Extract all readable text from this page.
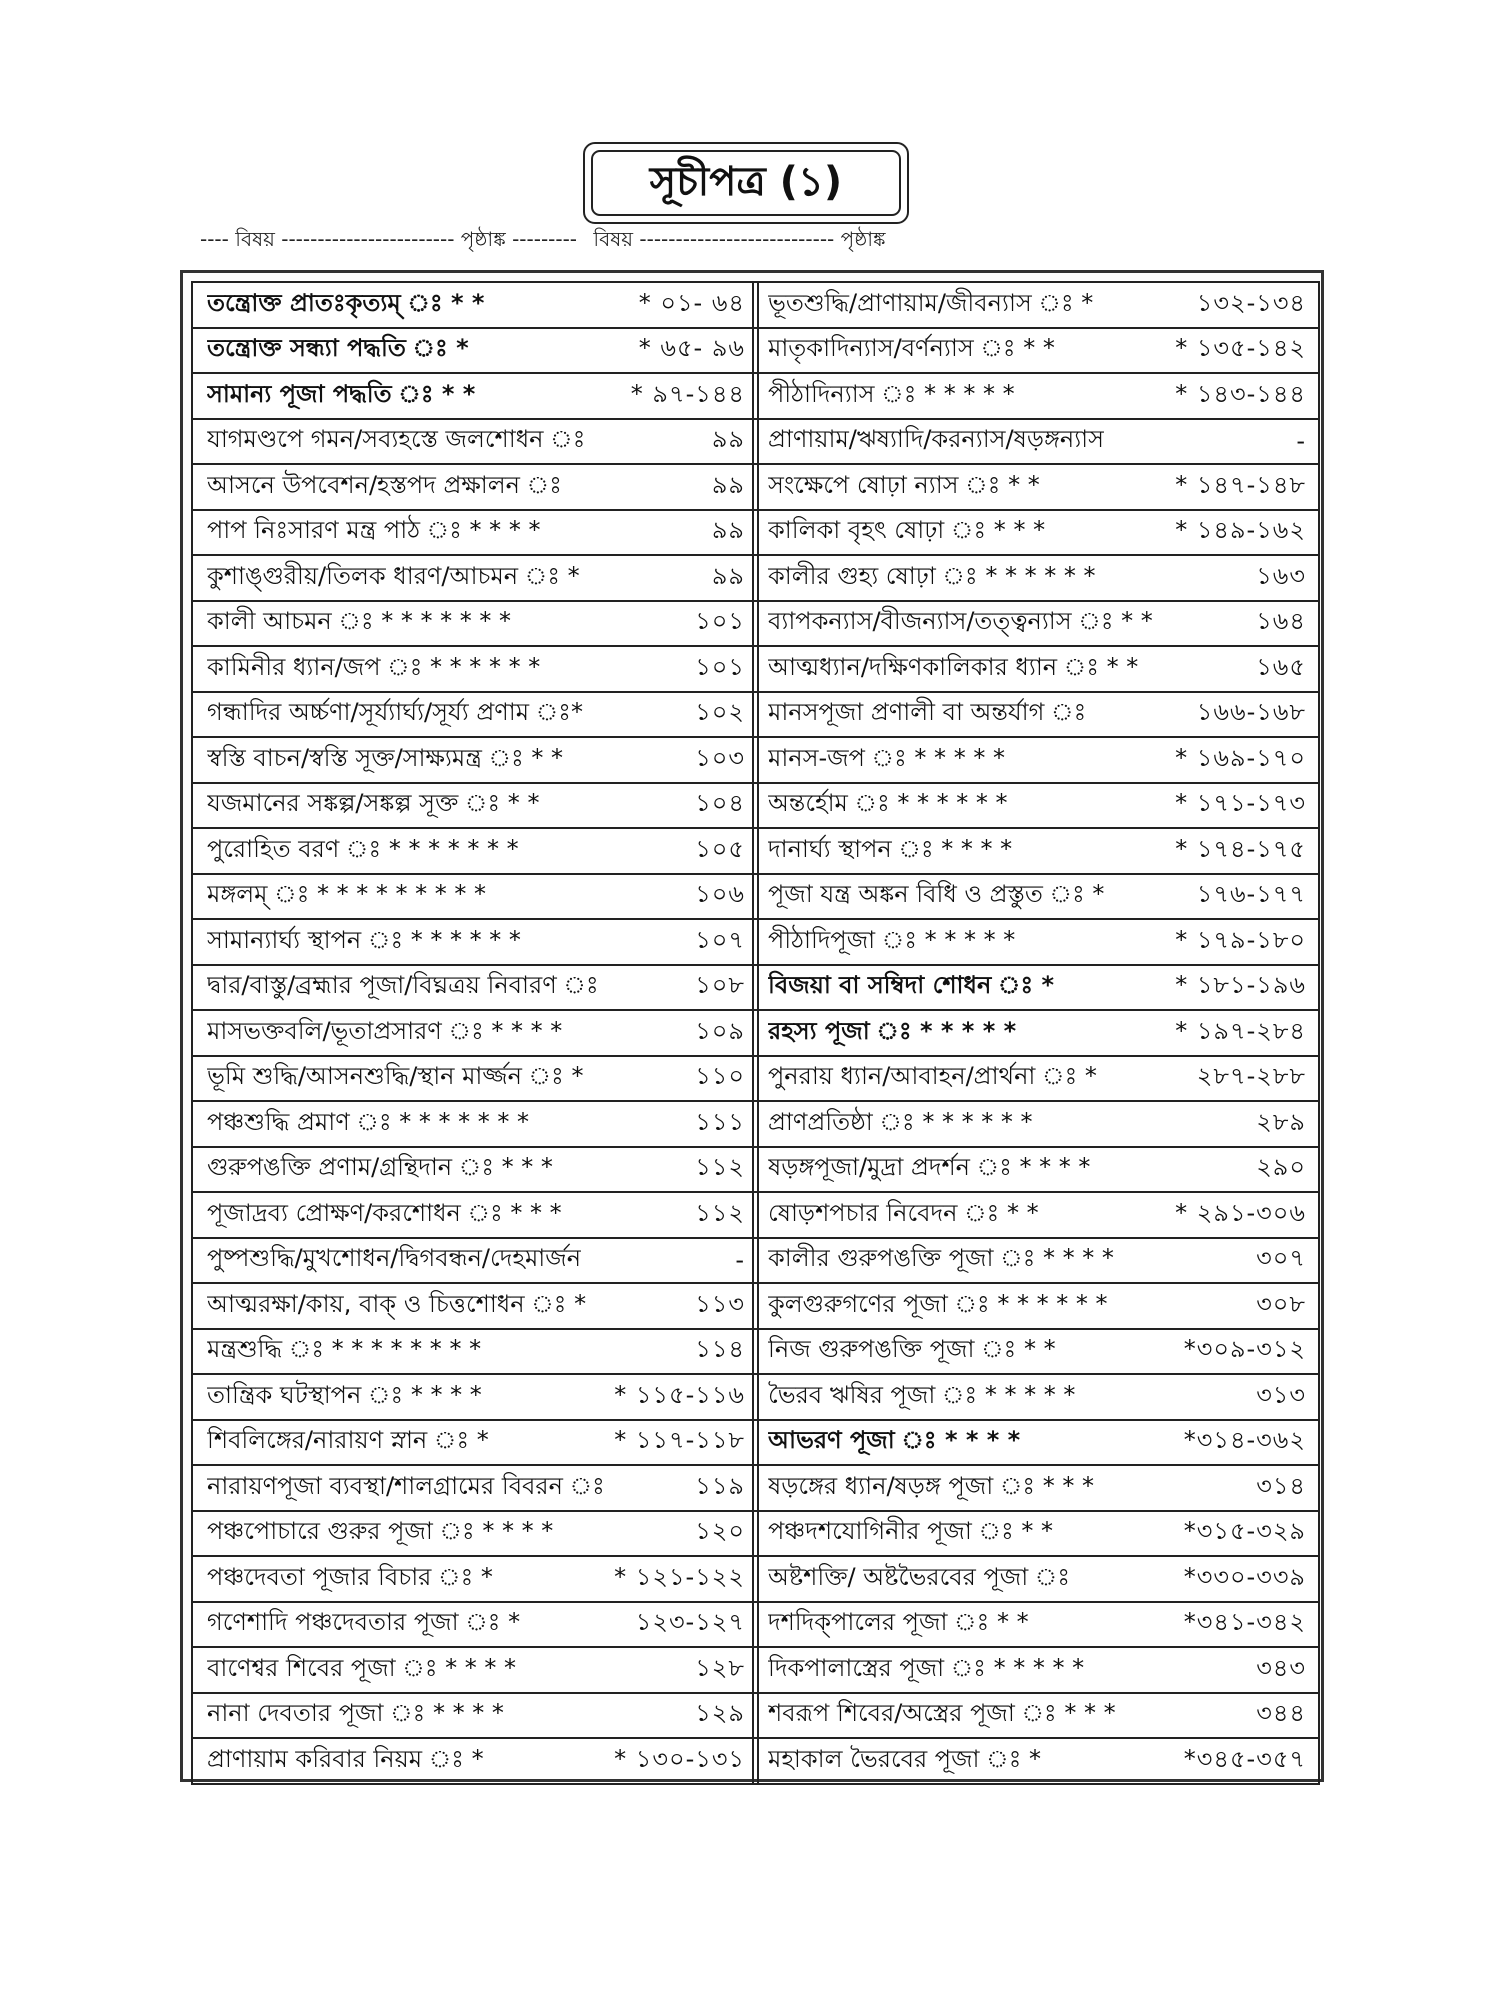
সূচীপত্র (১)
---- বিষয় ------------------------ পৃষ্ঠাঙ্ক --------- বিষয় --------------------------- পৃষ্ঠাঙ্ক
তন্ত্রোক্ত প্রাতঃকৃত্যম্ ঃ * *	* ০১- ৬৪
তন্ত্রোক্ত সন্ধ্যা পদ্ধতি ঃ *	* ৬৫- ৯৬
সামান্য পূজা পদ্ধতি ঃ * *	* ৯৭-১৪৪
যাগমণ্ডপে গমন/সব্যহস্তে জলশোধন ঃ	৯৯
আসনে উপবেশন/হস্তপদ প্রক্ষালন ঃ	৯৯
পাপ নিঃসারণ মন্ত্র পাঠ ঃ * * * *	৯৯
কুশাঙ্গুরীয়/তিলক ধারণ/আচমন ঃ *	৯৯
কালী আচমন ঃ * * * * * * *	১০১
কামিনীর ধ্যান/জপ ঃ * * * * * *	১০১
গন্ধাদির অর্চ্চণা/সূর্য্যার্ঘ্য/সূর্য্য প্রণাম ঃ*	১০২
স্বস্তি বাচন/স্বস্তি সূক্ত/সাক্ষ্যমন্ত্র ঃ * *	১০৩
যজমানের সঙ্কল্প/সঙ্কল্প সূক্ত ঃ * *	১০৪
পুরোহিত বরণ ঃ * * * * * * *	১০৫
মঙ্গলম্ ঃ * * * * * * * * *	১০৬
সামান্যার্ঘ্য স্থাপন ঃ * * * * * *	১০৭
দ্বার/বাস্তু/ব্রহ্মার পূজা/বিঘ্নত্রয় নিবারণ ঃ	১০৮
মাসভক্তবলি/ভূতাপ্রসারণ ঃ * * * *	১০৯
ভূমি শুদ্ধি/আসনশুদ্ধি/স্থান মার্জ্জন ঃ *	১১০
পঞ্চশুদ্ধি প্রমাণ ঃ * * * * * * *	১১১
গুরুপঙক্তি প্রণাম/গ্রন্থিদান ঃ * * *	১১২
পূজাদ্রব্য প্রোক্ষণ/করশোধন ঃ * * *	১১২
পুষ্পশুদ্ধি/মুখশোধন/দ্বিগবন্ধন/দেহমার্জন	-
আত্মরক্ষা/কায়, বাক্ ও চিত্তশোধন ঃ *	১১৩
মন্ত্রশুদ্ধি ঃ * * * * * * * *	১১৪
তান্ত্রিক ঘটস্থাপন ঃ * * * *	* ১১৫-১১৬
শিবলিঙ্গের/নারায়ণ স্নান ঃ *	* ১১৭-১১৮
নারায়ণপূজা ব্যবস্থা/শালগ্রামের বিবরন ঃ	১১৯
পঞ্চপোচারে গুরুর পূজা ঃ * * * *	১২০
পঞ্চদেবতা পূজার বিচার ঃ *	* ১২১-১২২
গণেশাদি পঞ্চদেবতার পূজা ঃ *	১২৩-১২৭
বাণেশ্বর শিবের পূজা ঃ * * * *	১২৮
নানা দেবতার পূজা ঃ * * * *	১২৯
প্রাণায়াম করিবার নিয়ম ঃ *	* ১৩০-১৩১
ভূতশুদ্ধি/প্রাণায়াম/জীবন্যাস ঃ *	১৩২-১৩৪
মাতৃকাদিন্যাস/বর্ণন্যাস ঃ * *	* ১৩৫-১৪২
পীঠাদিন্যাস ঃ * * * * *	* ১৪৩-১৪৪
প্রাণায়াম/ঋষ্যাদি/করন্যাস/ষড়ঙ্গন্যাস	-
সংক্ষেপে ষোঢ়া ন্যাস ঃ * *	* ১৪৭-১৪৮
কালিকা বৃহৎ ষোঢ়া ঃ * * *	* ১৪৯-১৬২
কালীর গুহ্য ষোঢ়া ঃ * * * * * *	১৬৩
ব্যাপকন্যাস/বীজন্যাস/তত্ত্বন্যাস ঃ * *	১৬৪
আত্মধ্যান/দক্ষিণকালিকার ধ্যান ঃ * *	১৬৫
মানসপূজা প্রণালী বা অন্তর্যাগ ঃ	১৬৬-১৬৮
মানস-জপ ঃ * * * * *	* ১৬৯-১৭০
অন্তর্হোম ঃ * * * * * *	* ১৭১-১৭৩
দানার্ঘ্য স্থাপন ঃ * * * *	* ১৭৪-১৭৫
পূজা যন্ত্র অঙ্কন বিধি ও প্রস্তুত ঃ *	১৭৬-১৭৭
পীঠাদিপূজা ঃ * * * * *	* ১৭৯-১৮০
বিজয়া বা সম্বিদা শোধন ঃ *	* ১৮১-১৯৬
রহস্য পূজা ঃ * * * * *	* ১৯৭-২৮৪
পুনরায় ধ্যান/আবাহন/প্রার্থনা ঃ *	২৮৭-২৮৮
প্রাণপ্রতিষ্ঠা ঃ * * * * * *	২৮৯
ষড়ঙ্গপূজা/মুদ্রা প্রদর্শন ঃ * * * *	২৯০
ষোড়শপচার নিবেদন ঃ * *	* ২৯১-৩০৬
কালীর গুরুপঙক্তি পূজা ঃ * * * *	৩০৭
কুলগুরুগণের পূজা ঃ * * * * * *	৩০৮
নিজ গুরুপঙক্তি পূজা ঃ * *	*৩০৯-৩১২
ভৈরব ঋষির পূজা ঃ * * * * *	৩১৩
আভরণ পূজা ঃ * * * *	*৩১৪-৩৬২
ষড়ঙ্গের ধ্যান/ষড়ঙ্গ পূজা ঃ * * *	৩১৪
পঞ্চদশযোগিনীর পূজা ঃ * *	*৩১৫-৩২৯
অষ্টশক্তি/ অষ্টভৈরবের পূজা ঃ	*৩৩০-৩৩৯
দশদিক্পালের পূজা ঃ * *	*৩৪১-৩৪২
দিকপালাস্ত্রের পূজা ঃ * * * * *	৩৪৩
শবরূপ শিবের/অস্ত্রের পূজা ঃ * * *	৩৪৪
মহাকাল ভৈরবের পূজা ঃ *	*৩৪৫-৩৫৭
